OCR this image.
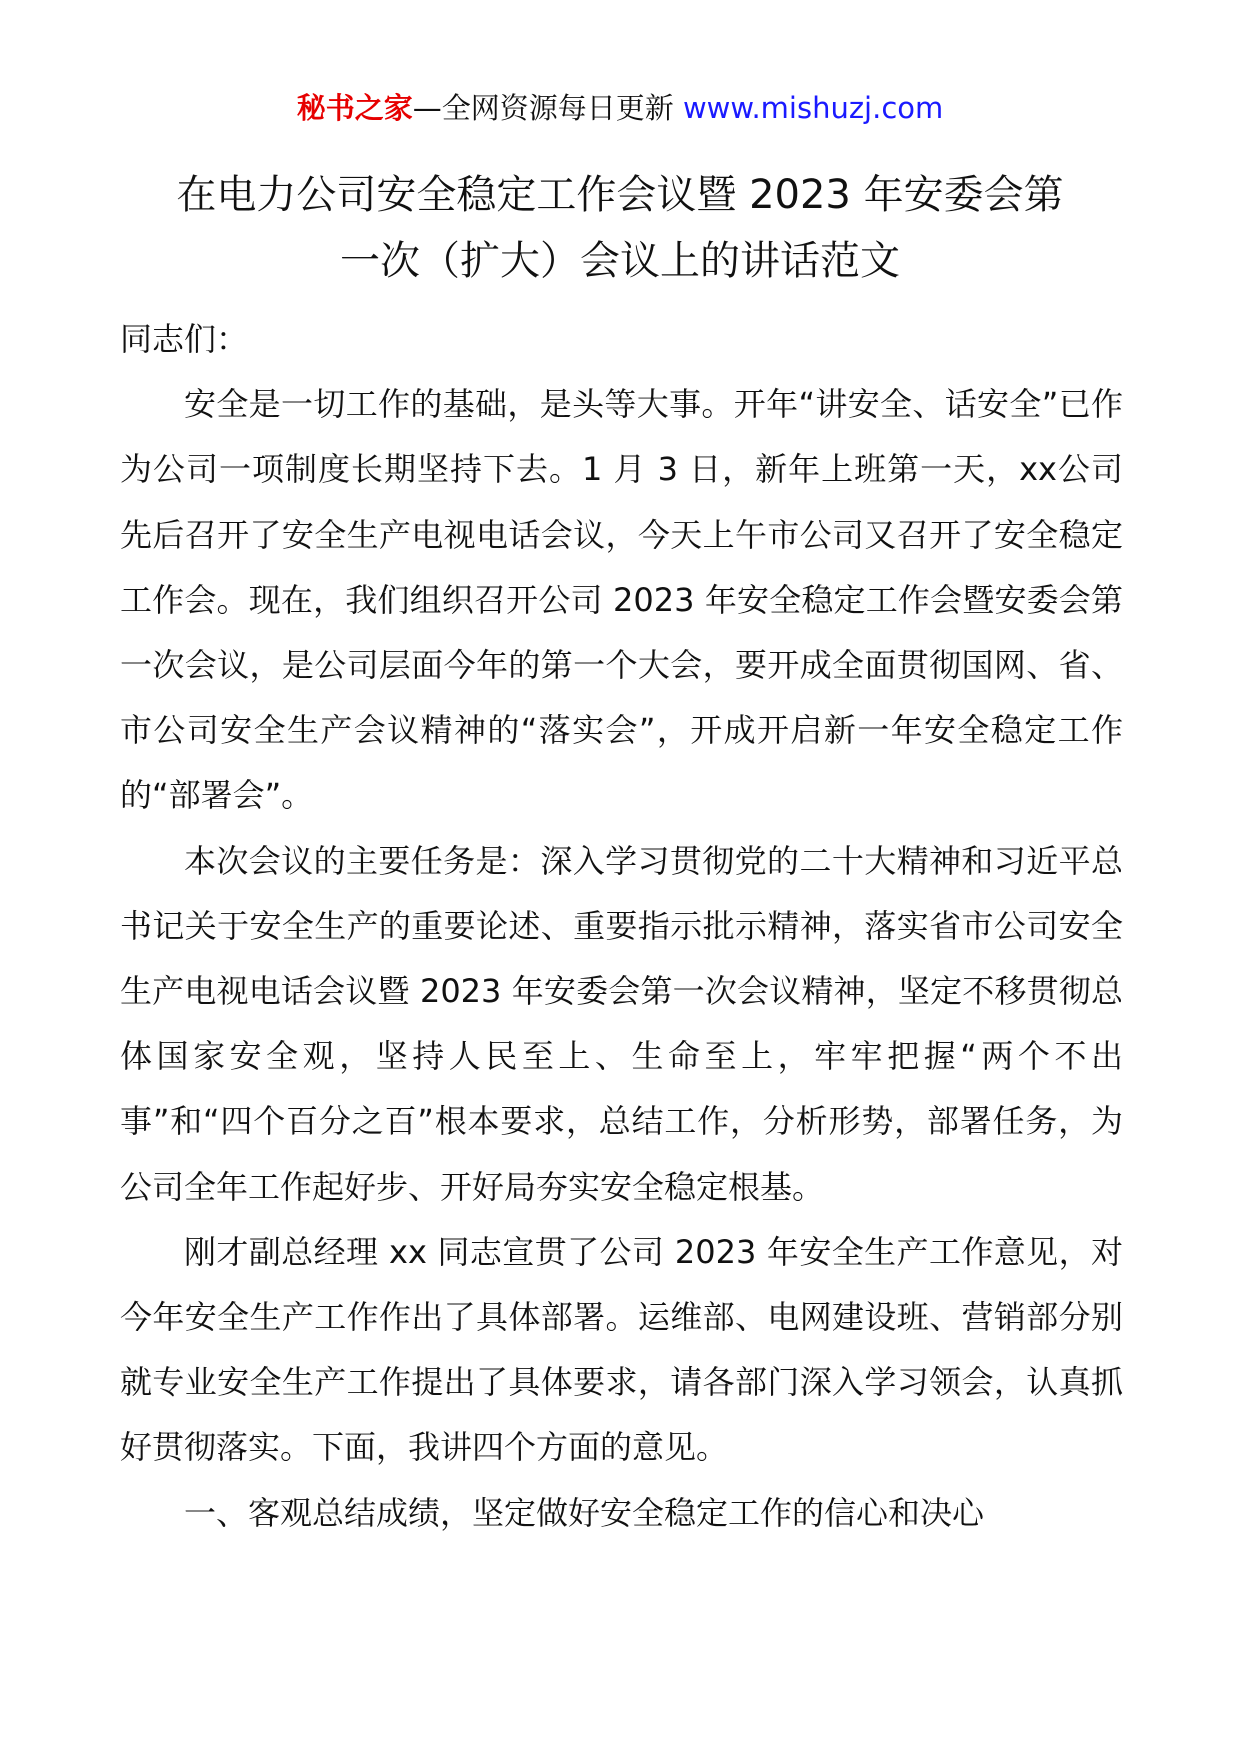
秘书之家—全网资源每日更新 www.mishuzj.com
在电力公司安全稳定工作会议暨 2023 年安委会第
一次（扩大）会议上的讲话范文

同志们：

安全是一切工作的基础，是头等大事。开年“讲安全、话安全”已作为公司一项制度长期坚持下去。1 月 3 日，新年上班第一天，xx公司先后召开了安全生产电视电话会议，今天上午市公司又召开了安全稳定工作会。现在，我们组织召开公司 2023 年安全稳定工作会暨安委会第一次会议，是公司层面今年的第一个大会，要开成全面贯彻国网、省、市公司安全生产会议精神的“落实会”，开成开启新一年安全稳定工作的“部署会”。

本次会议的主要任务是：深入学习贯彻党的二十大精神和习近平总书记关于安全生产的重要论述、重要指示批示精神，落实省市公司安全生产电视电话会议暨 2023 年安委会第一次会议精神，坚定不移贯彻总体国家安全观，坚持人民至上、生命至上，牢牢把握“两个不出事”和“四个百分之百”根本要求，总结工作，分析形势，部署任务，为公司全年工作起好步、开好局夯实安全稳定根基。

刚才副总经理 xx 同志宣贯了公司 2023 年安全生产工作意见，对今年安全生产工作作出了具体部署。运维部、电网建设班、营销部分别就专业安全生产工作提出了具体要求，请各部门深入学习领会，认真抓好贯彻落实。下面，我讲四个方面的意见。

一、客观总结成绩，坚定做好安全稳定工作的信心和决心
